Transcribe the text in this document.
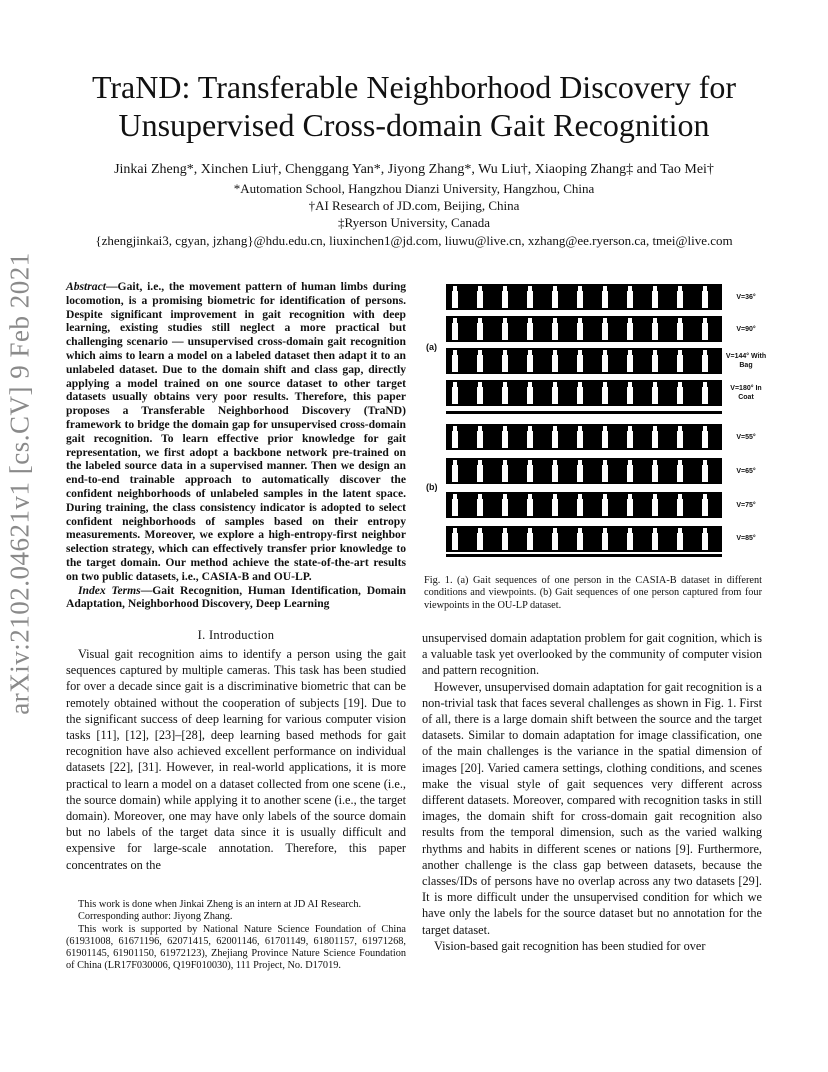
arXiv:2102.04621v1 [cs.CV] 9 Feb 2021
TraND: Transferable Neighborhood Discovery for
Unsupervised Cross-domain Gait Recognition
Jinkai Zheng*, Xinchen Liu†, Chenggang Yan*, Jiyong Zhang*, Wu Liu†, Xiaoping Zhang‡ and Tao Mei†
*Automation School, Hangzhou Dianzi University, Hangzhou, China
†AI Research of JD.com, Beijing, China
‡Ryerson University, Canada
{zhengjinkai3, cgyan, jzhang}@hdu.edu.cn, liuxinchen1@jd.com, liuwu@live.cn, xzhang@ee.ryerson.ca, tmei@live.com
Abstract—Gait, i.e., the movement pattern of human limbs during locomotion, is a promising biometric for identification of persons. Despite significant improvement in gait recognition with deep learning, existing studies still neglect a more practical but challenging scenario — unsupervised cross-domain gait recognition which aims to learn a model on a labeled dataset then adapt it to an unlabeled dataset. Due to the domain shift and class gap, directly applying a model trained on one source dataset to other target datasets usually obtains very poor results. Therefore, this paper proposes a Transferable Neighborhood Discovery (TraND) framework to bridge the domain gap for unsupervised cross-domain gait recognition. To learn effective prior knowledge for gait representation, we first adopt a backbone network pre-trained on the labeled source data in a supervised manner. Then we design an end-to-end trainable approach to automatically discover the confident neighborhoods of unlabeled samples in the latent space. During training, the class consistency indicator is adopted to select confident neighborhoods of samples based on their entropy measurements. Moreover, we explore a high-entropy-first neighbor selection strategy, which can effectively transfer prior knowledge to the target domain. Our method achieve the state-of-the-art results on two public datasets, i.e., CASIA-B and OU-LP.
Index Terms—Gait Recognition, Human Identification, Domain Adaptation, Neighborhood Discovery, Deep Learning
I. Introduction

Visual gait recognition aims to identify a person using the gait sequences captured by multiple cameras. This task has been studied for over a decade since gait is a discriminative biometric that can be remotely obtained without the cooperation of subjects [19]. Due to the significant success of deep learning for various computer vision tasks [11], [12], [23]–[28], deep learning based methods for gait recognition have also achieved excellent performance on individual datasets [22], [31]. However, in real-world applications, it is more practical to learn a model on a dataset collected from one scene (i.e., the source domain) while applying it to another scene (i.e., the target domain). Moreover, one may have only labels of the source domain but no labels of the target data since it is usually difficult and expensive for large-scale annotation. Therefore, this paper concentrates on the

This work is done when Jinkai Zheng is an intern at JD AI Research.

Corresponding author: Jiyong Zhang.

This work is supported by National Nature Science Foundation of China (61931008, 61671196, 62071415, 62001146, 61701149, 61801157, 61971268, 61901145, 61901150, 61972123), Zhejiang Province Nature Science Foundation of China (LR17F030006, Q19F010030), 111 Project, No. D17019.

(a)
(b)
V=36°
V=90°
V=144° With Bag
V=180° In Coat
V=55°
V=65°
V=75°
V=85°
Fig. 1. (a) Gait sequences of one person in the CASIA-B dataset in different conditions and viewpoints. (b) Gait sequences of one person captured from four viewpoints in the OU-LP dataset.

unsupervised domain adaptation problem for gait cognition, which is a valuable task yet overlooked by the community of computer vision and pattern recognition.

However, unsupervised domain adaptation for gait recognition is a non-trivial task that faces several challenges as shown in Fig. 1. First of all, there is a large domain shift between the source and the target datasets. Similar to domain adaptation for image classification, one of the main challenges is the variance in the spatial dimension of images [20]. Varied camera settings, clothing conditions, and scenes make the visual style of gait sequences very different across different datasets. Moreover, compared with recognition tasks in still images, the domain shift for cross-domain gait recognition also results from the temporal dimension, such as the varied walking rhythms and habits in different scenes or nations [9]. Furthermore, another challenge is the class gap between datasets, because the classes/IDs of persons have no overlap across any two datasets [29]. It is more difficult under the unsupervised condition for which we have only the labels for the source dataset but no annotation for the target dataset.

Vision-based gait recognition has been studied for over
